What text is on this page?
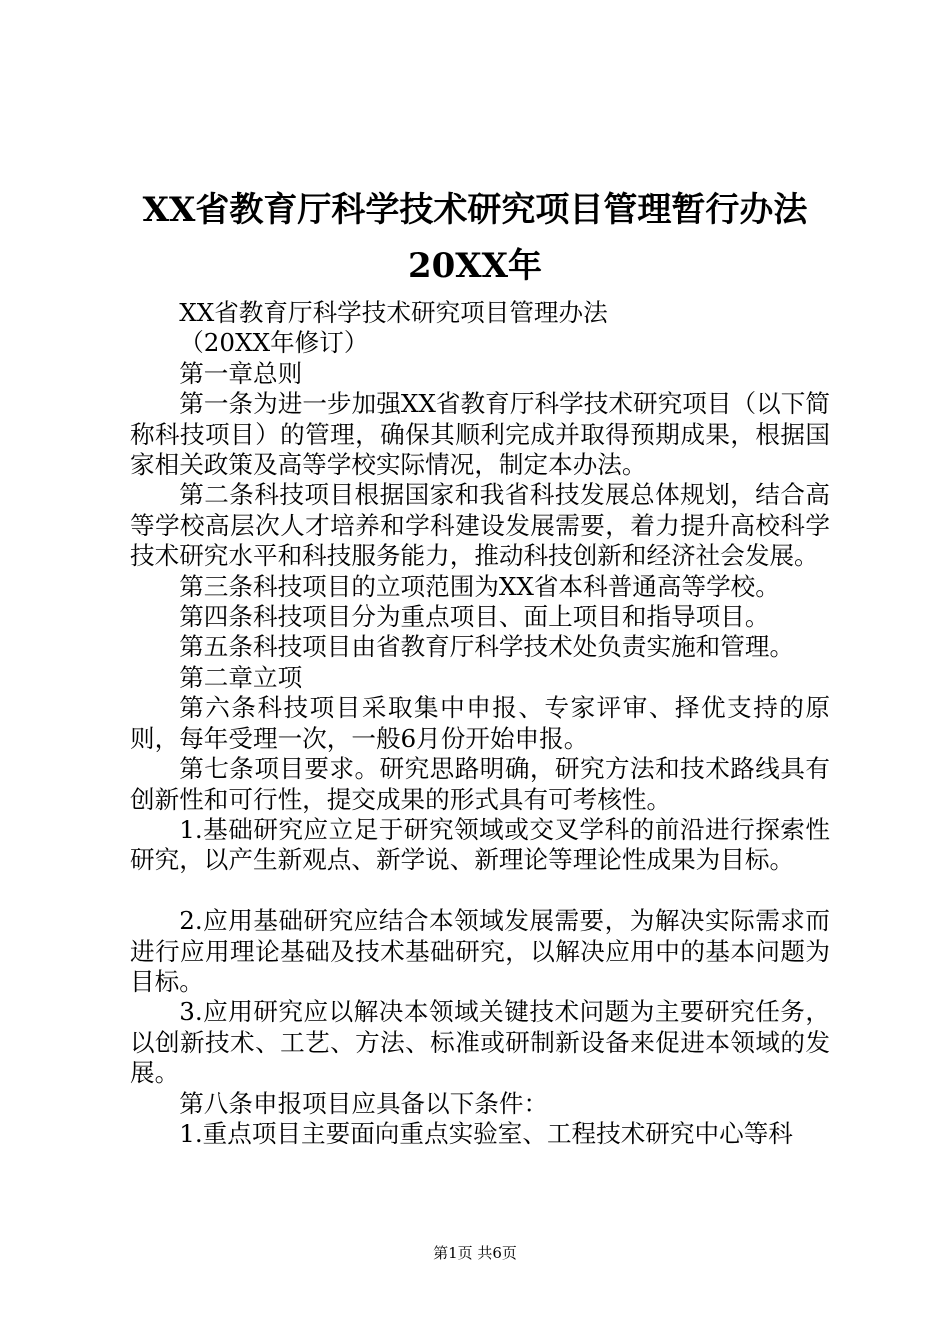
XX省教育厅科学技术研究项目管理暂行办法
20XX年

XX省教育厅科学技术研究项目管理办法

（20XX年修订）

第一章总则

第一条为进一步加强XX省教育厅科学技术研究项目（以下简称科技项目）的管理，确保其顺利完成并取得预期成果，根据国家相关政策及高等学校实际情况，制定本办法。

第二条科技项目根据国家和我省科技发展总体规划，结合高等学校高层次人才培养和学科建设发展需要，着力提升高校科学技术研究水平和科技服务能力，推动科技创新和经济社会发展。

第三条科技项目的立项范围为XX省本科普通高等学校。

第四条科技项目分为重点项目、面上项目和指导项目。

第五条科技项目由省教育厅科学技术处负责实施和管理。

第二章立项

第六条科技项目采取集中申报、专家评审、择优支持的原则，每年受理一次，一般6月份开始申报。

第七条项目要求。研究思路明确，研究方法和技术路线具有创新性和可行性，提交成果的形式具有可考核性。

1.基础研究应立足于研究领域或交叉学科的前沿进行探索性研究，以产生新观点、新学说、新理论等理论性成果为目标。

2.应用基础研究应结合本领域发展需要，为解决实际需求而进行应用理论基础及技术基础研究，以解决应用中的基本问题为目标。

3.应用研究应以解决本领域关键技术问题为主要研究任务，以创新技术、工艺、方法、标准或研制新设备来促进本领域的发展。

第八条申报项目应具备以下条件：

1.重点项目主要面向重点实验室、工程技术研究中心等科

第1页 共6页
